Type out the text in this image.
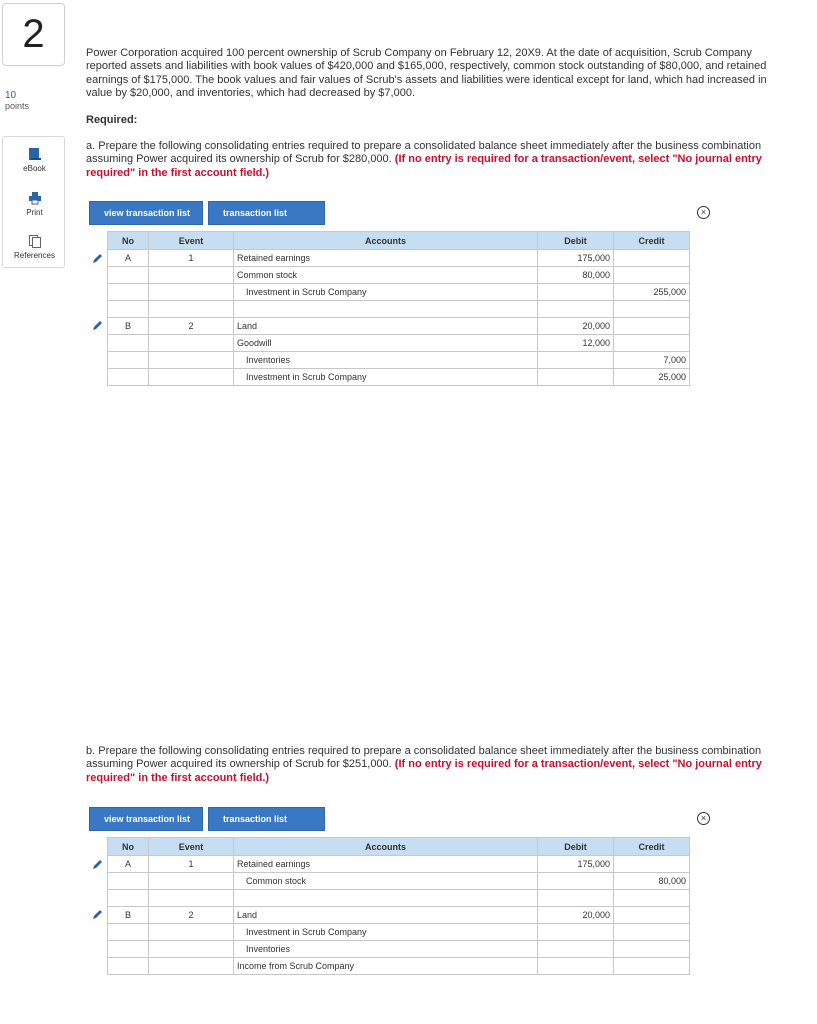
2
10
points
eBook
Print
References
Power Corporation acquired 100 percent ownership of Scrub Company on February 12, 20X9. At the date of acquisition, Scrub Company reported assets and liabilities with book values of $420,000 and $165,000, respectively, common stock outstanding of $80,000, and retained earnings of $175,000. The book values and fair values of Scrub's assets and liabilities were identical except for land, which had increased in value by $20,000, and inventories, which had decreased by $7,000.
Required:
a. Prepare the following consolidating entries required to prepare a consolidated balance sheet immediately after the business combination assuming Power acquired its ownership of Scrub for $280,000. (If no entry is required for a transaction/event, select "No journal entry required" in the first account field.)
view transaction list	transaction list	×
No	Event	Accounts	Debit	Credit
A	1	Retained earnings	175,000	
		Common stock	80,000	
		Investment in Scrub Company		255,000

B	2	Land	20,000	
		Goodwill	12,000	
		Inventories		7,000
		Investment in Scrub Company		25,000
b. Prepare the following consolidating entries required to prepare a consolidated balance sheet immediately after the business combination assuming Power acquired its ownership of Scrub for $251,000. (If no entry is required for a transaction/event, select "No journal entry required" in the first account field.)
view transaction list	transaction list	×
No	Event	Accounts	Debit	Credit
A	1	Retained earnings	175,000	
		Common stock		80,000

B	2	Land	20,000	
		Investment in Scrub Company		
		Inventories		
		Income from Scrub Company		
